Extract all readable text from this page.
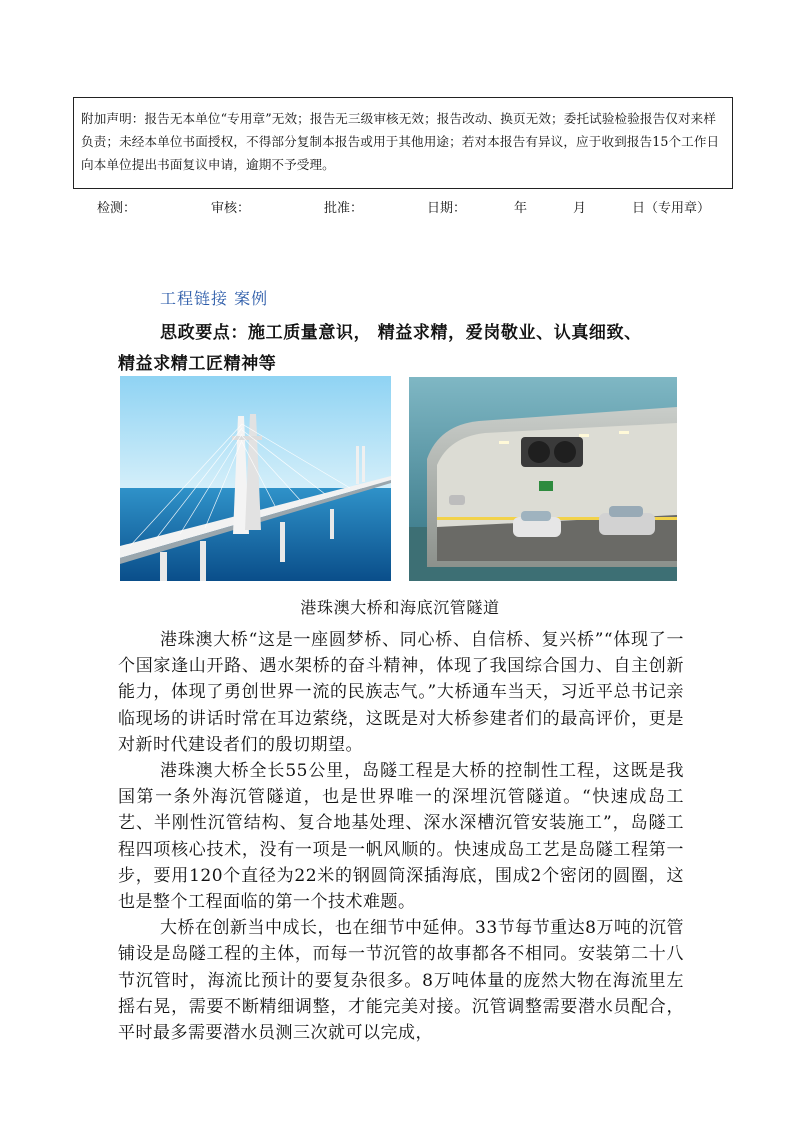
附加声明：报告无本单位“专用章”无效；报告无三级审核无效；报告改动、换页无效；委托试验检验报告仅对来样负责；未经本单位书面授权，不得部分复制本报告或用于其他用途；若对本报告有异议，应于收到报告15个工作日向本单位提出书面复议申请，逾期不予受理。

检测：	审核：	批准：	日期：	年	月	日（专用章）
工程链接 案例
思政要点：施工质量意识， 精益求精，爱岗敬业、认真细致、
精益求精工匠精神等
港珠澳大桥和海底沉管隧道

港珠澳大桥“这是一座圆梦桥、同心桥、自信桥、复兴桥”“体现了一个国家逢山开路、遇水架桥的奋斗精神，体现了我国综合国力、自主创新能力，体现了勇创世界一流的民族志气。”大桥通车当天，习近平总书记亲临现场的讲话时常在耳边萦绕，这既是对大桥参建者们的最高评价，更是对新时代建设者们的殷切期望。

港珠澳大桥全长55公里，岛隧工程是大桥的控制性工程，这既是我国第一条外海沉管隧道，也是世界唯一的深埋沉管隧道。“快速成岛工艺、半刚性沉管结构、复合地基处理、深水深槽沉管安装施工”，岛隧工程四项核心技术，没有一项是一帆风顺的。快速成岛工艺是岛隧工程第一步，要用120个直径为22米的钢圆筒深插海底，围成2个密闭的圆圈，这也是整个工程面临的第一个技术难题。

大桥在创新当中成长，也在细节中延伸。33节每节重达8万吨的沉管铺设是岛隧工程的主体，而每一节沉管的故事都各不相同。安装第二十八节沉管时，海流比预计的要复杂很多。8万吨体量的庞然大物在海流里左摇右晃，需要不断精细调整，才能完美对接。沉管调整需要潜水员配合，平时最多需要潜水员测三次就可以完成，
